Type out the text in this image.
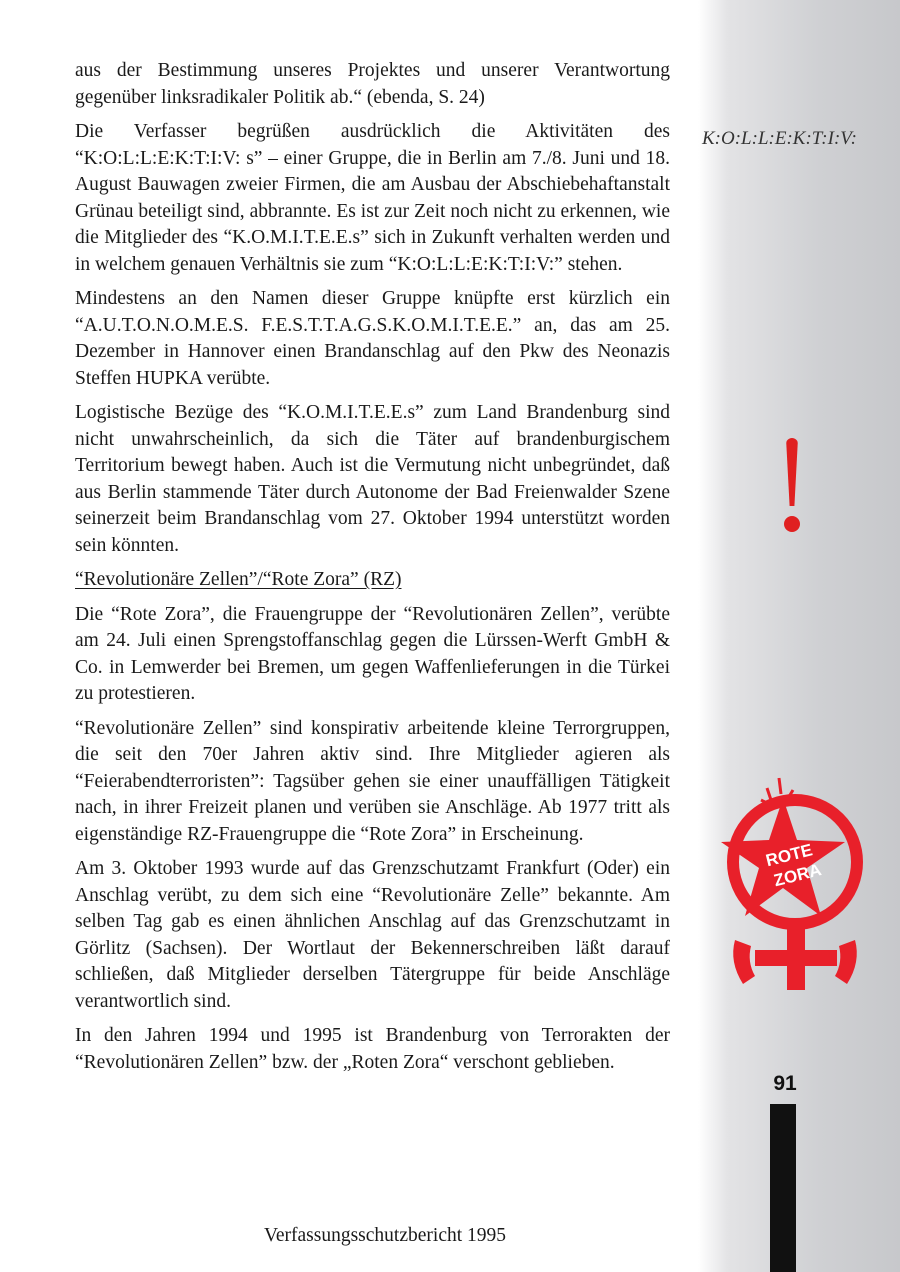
aus der Bestimmung unseres Projektes und unserer Verantwortung gegenüber linksradikaler Politik ab.“ (ebenda, S. 24)

Die Verfasser begrüßen ausdrücklich die Aktivitäten des “K:O:L:L:E:K:T:I:V: s” – einer Gruppe, die in Berlin am 7./8. Juni und 18. August Bauwagen zweier Firmen, die am Ausbau der Abschiebehaftanstalt Grünau beteiligt sind, abbrannte. Es ist zur Zeit noch nicht zu erkennen, wie die Mitglieder des “K.O.M.I.T.E.E.s” sich in Zukunft verhalten werden und in welchem genauen Verhältnis sie zum “K:O:L:L:E:K:T:I:V:” stehen.

Mindestens an den Namen dieser Gruppe knüpfte erst kürzlich ein “A.U.T.O.N.O.M.E.S. F.E.S.T.T.A.G.S.K.O.M.I.T.E.E.” an, das am 25. Dezember in Hannover einen Brandanschlag auf den Pkw des Neonazis Steffen HUPKA verübte.

Logistische Bezüge des “K.O.M.I.T.E.E.s” zum Land Brandenburg sind nicht unwahrscheinlich, da sich die Täter auf brandenburgischem Territorium bewegt haben. Auch ist die Vermutung nicht unbegründet, daß aus Berlin stammende Täter durch Autonome der Bad Freienwalder Szene seinerzeit beim Brandanschlag vom 27. Oktober 1994 unterstützt worden sein könnten.

“Revolutionäre Zellen”/“Rote Zora” (RZ)

Die “Rote Zora”, die Frauengruppe der “Revolutionären Zellen”, verübte am 24. Juli einen Sprengstoffanschlag gegen die Lürssen-Werft GmbH & Co. in Lemwerder bei Bremen, um gegen Waffenlieferungen in die Türkei zu protestieren.

“Revolutionäre Zellen” sind konspirativ arbeitende kleine Terrorgruppen, die seit den 70er Jahren aktiv sind. Ihre Mitglieder agieren als “Feierabendterroristen”: Tagsüber gehen sie einer unauffälligen Tätigkeit nach, in ihrer Freizeit planen und verüben sie Anschläge. Ab 1977 tritt als eigenständige RZ-Frauengruppe die “Rote Zora” in Erscheinung.

Am 3. Oktober 1993 wurde auf das Grenzschutzamt Frankfurt (Oder) ein Anschlag verübt, zu dem sich eine “Revolutionäre Zelle” bekannte. Am selben Tag gab es einen ähnlichen Anschlag auf das Grenzschutzamt in Görlitz (Sachsen). Der Wortlaut der Bekennerschreiben läßt darauf schließen, daß Mitglieder derselben Tätergruppe für beide Anschläge verantwortlich sind.

In den Jahren 1994 und 1995 ist Brandenburg von Terrorakten der “Revolutionären Zellen” bzw. der „Roten Zora“ verschont geblieben.

K:O:L:L:E:K:T:I:V:
ROTE
ZORA
91
Verfassungsschutzbericht 1995
